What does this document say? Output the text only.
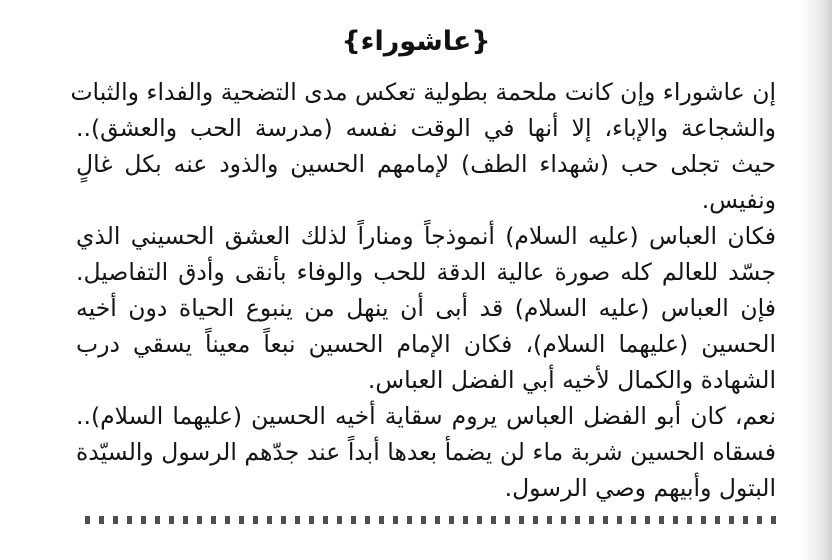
{عاشوراء}
إن عاشوراء وإن كانت ملحمة بطولية تعكس مدى التضحية والفداء والثبات
والشجاعة والإباء، إلا أنها في الوقت نفسه (مدرسة الحب والعشق)..
حيث تجلى حب (شهداء الطف) لإمامهم الحسين والذود عنه بكل غالٍ
ونفيس.
فكان العباس (عليه السلام) أنموذجاً ومناراً لذلك العشق الحسيني الذي
جسّد للعالم كله صورة عالية الدقة للحب والوفاء بأنقى وأدق التفاصيل.
فإن العباس (عليه السلام) قد أبى أن ينهل من ينبوع الحياة دون أخيه
الحسين (عليهما السلام)، فكان الإمام الحسين نبعاً معيناً يسقي درب
الشهادة والكمال لأخيه أبي الفضل العباس.
نعم، كان أبو الفضل العباس يروم سقاية أخيه الحسين (عليهما السلام)..
فسقاه الحسين شربة ماء لن يضمأ بعدها أبداً عند جدّهم الرسول والسيّدة
البتول وأبيهم وصي الرسول.
